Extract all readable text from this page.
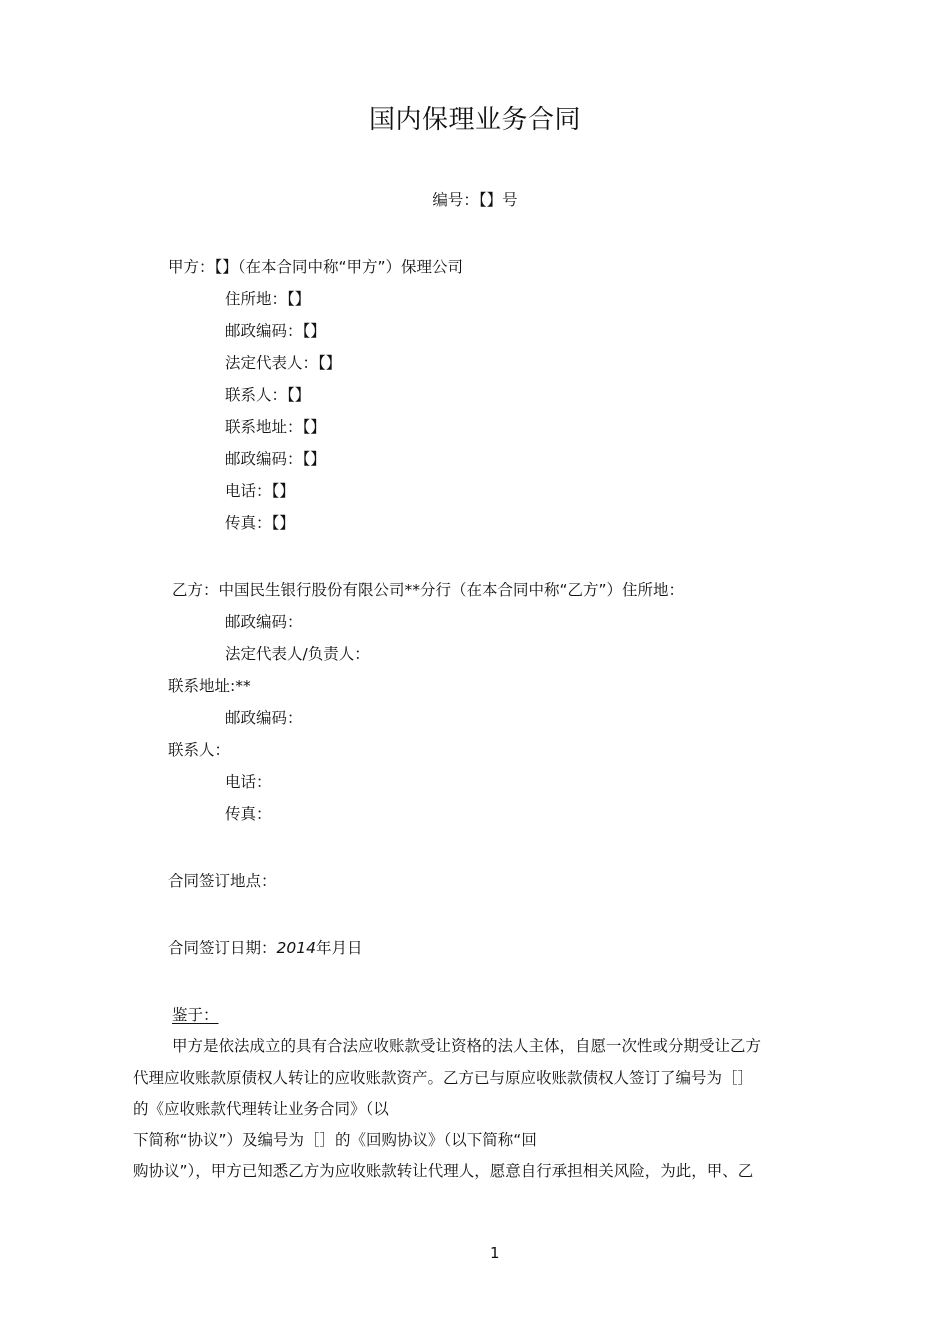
国内保理业务合同
编号：【】号
甲方：【】（在本合同中称“甲方”）保理公司
住所地：【】
邮政编码：【】
法定代表人：【】
联系人：【】
联系地址：【】
邮政编码：【】
电话：【】
传真：【】
乙方：中国民生银行股份有限公司**分行（在本合同中称“乙方”）住所地：
邮政编码：
法定代表人/负责人：
联系地址:**
邮政编码：
联系人：
电话：
传真：
合同签订地点：
合同签订日期：2014年月日
鉴于：
甲方是依法成立的具有合法应收账款受让资格的法人主体，自愿一次性或分期受让乙方
代理应收账款原债权人转让的应收账款资产。乙方已与原应收账款债权人签订了编号为［］
的《应收账款代理转让业务合同》（以
下简称“协议”）及编号为［］的《回购协议》（以下简称“回
购协议”），甲方已知悉乙方为应收账款转让代理人，愿意自行承担相关风险，为此，甲、乙
1
